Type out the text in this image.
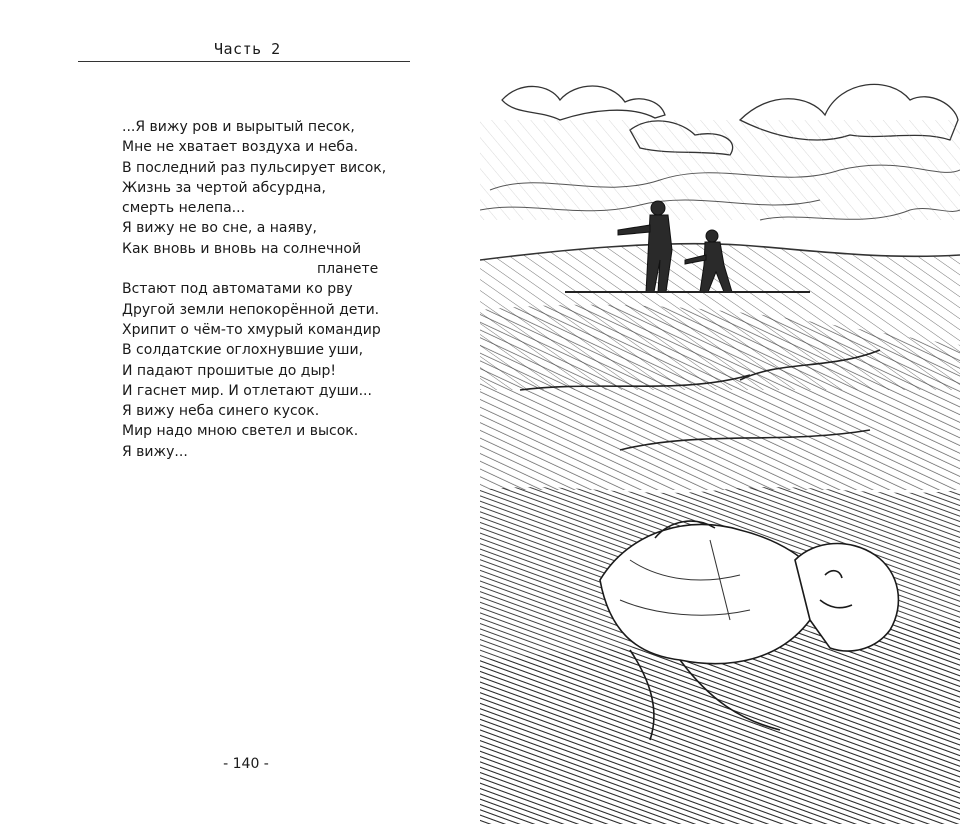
Часть 2
...Я вижу ров и вырытый песок,
Мне не хватает воздуха и неба.
В последний раз пульсирует висок,
Жизнь за чертой абсурдна,
смерть нелепа...
Я вижу не во сне, а наяву,
Как вновь и вновь на солнечной
планете
Встают под автоматами ко рву
Другой земли непокорённой дети.
Хрипит о чём-то хмурый командир
В солдатские оглохнувшие уши,
И падают прошитые до дыр!
И гаснет мир. И отлетают души...
Я вижу неба синего кусок.
Мир надо мною светел и высок.
Я вижу...
- 140 -
